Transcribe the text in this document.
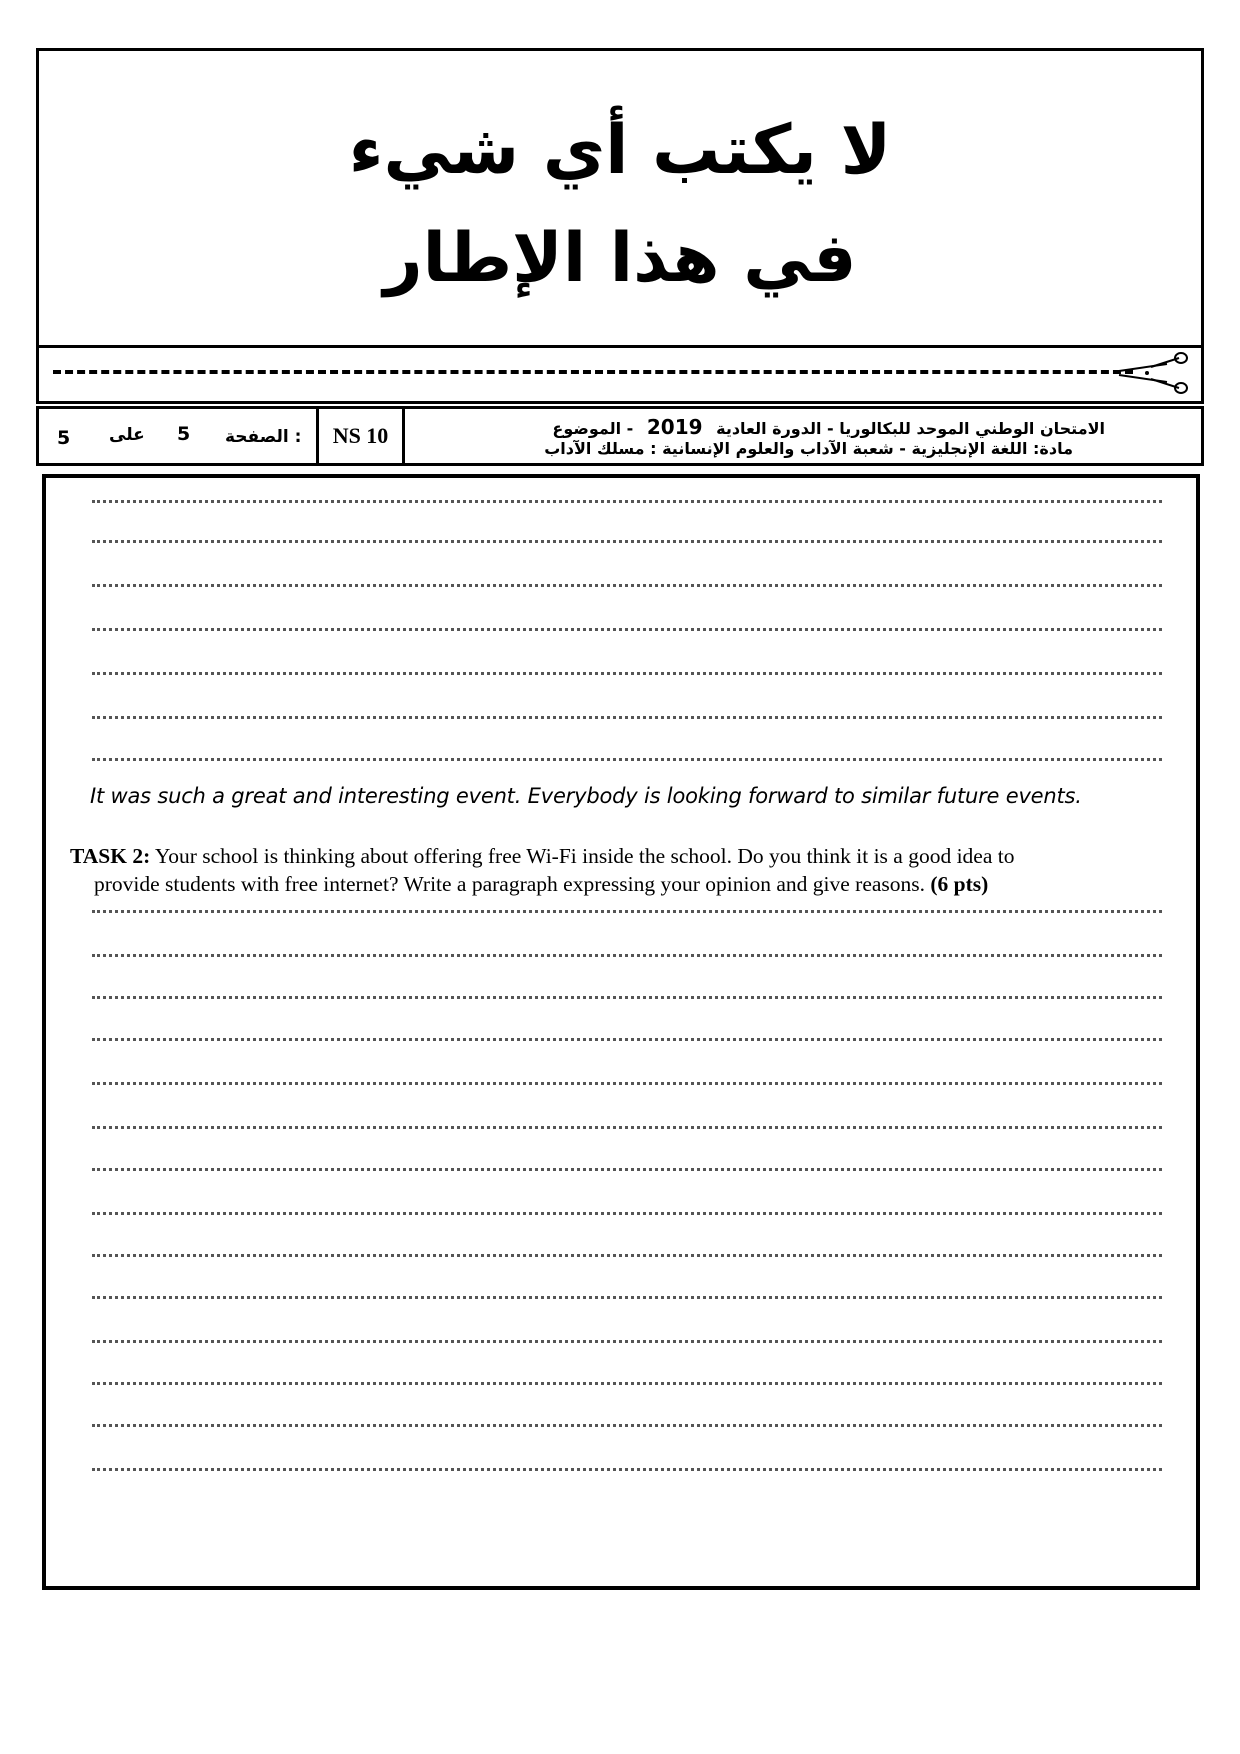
لا يكتب أي شيء
في هذا الإطار
5 على 5 الصفحة :	NS 10	الامتحان الوطني الموحد للبكالوريا - الدورة العادية 2019 - الموضوع
مادة: اللغة الإنجليزية - شعبة الآداب والعلوم الإنسانية : مسلك الآداب
It was such a great and interesting event. Everybody is looking forward to similar future events.
TASK 2: Your school is thinking about offering free Wi-Fi inside the school. Do you think it is a good idea to
provide students with free internet? Write a paragraph expressing your opinion and give reasons. (6 pts)
